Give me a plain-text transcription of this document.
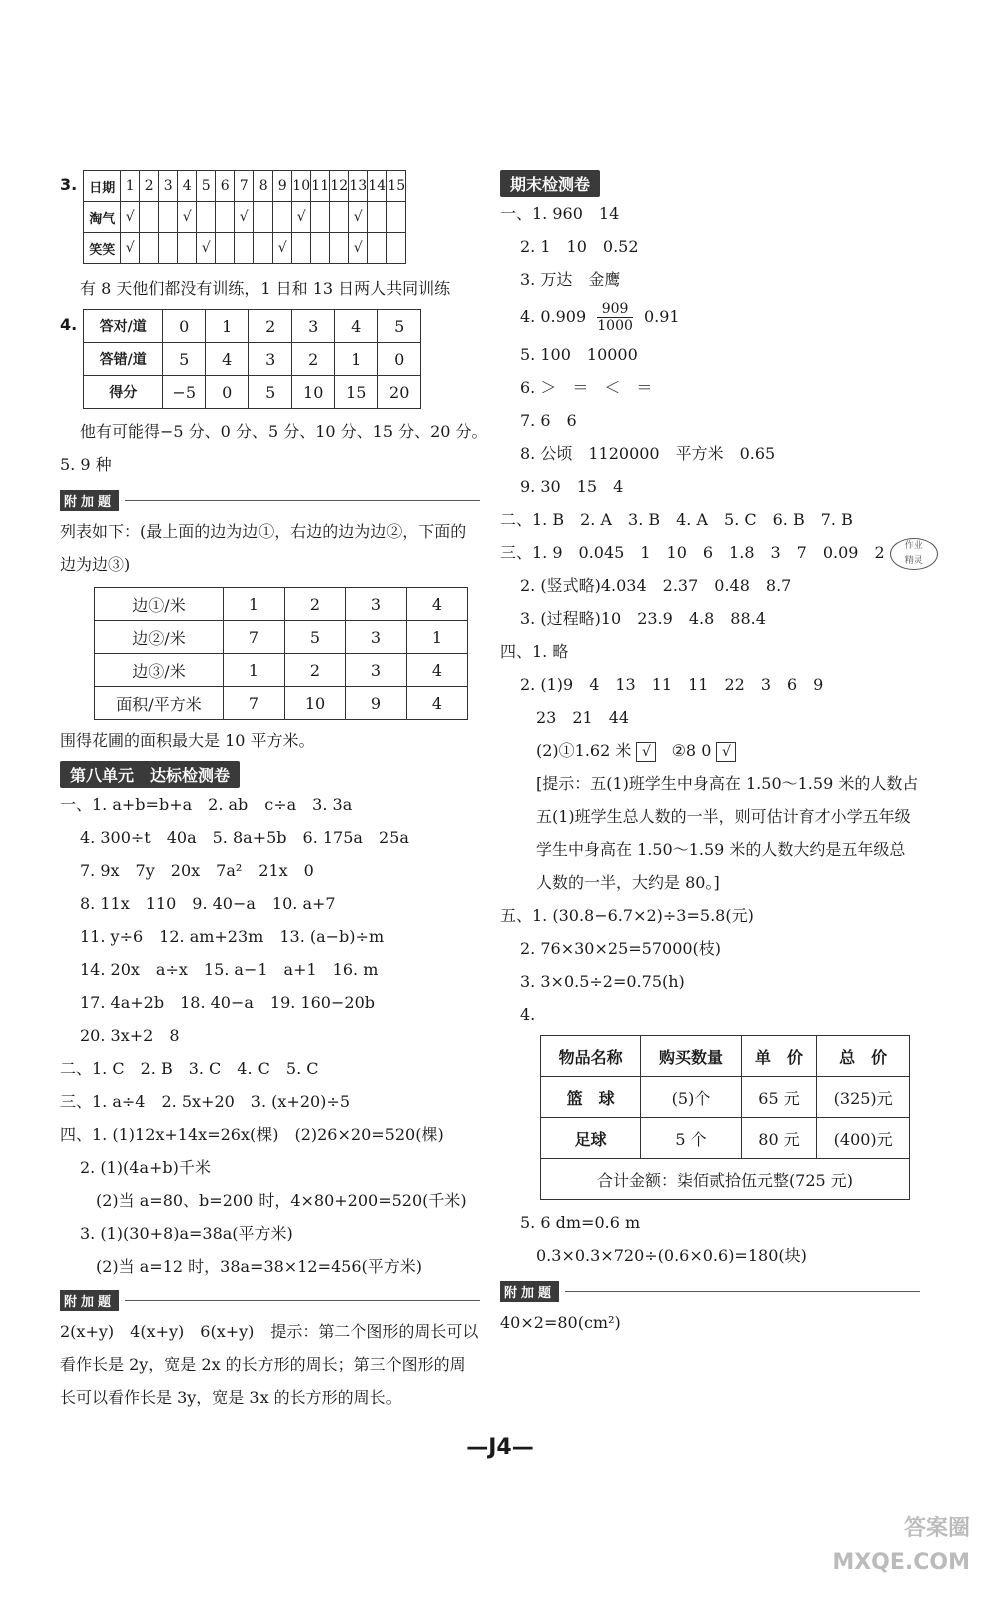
3. 日期	1	2	3	4	5	6	7	8	9	10	11	12	13	14	15
淘气	√			√			√			√			√		
笑笑	√				√				√				√		
有 8 天他们都没有训练，1 日和 13 日两人共同训练
4. 答对/道	0	1	2	3	4	5
答错/道	5	4	3	2	1	0
得分	−5	0	5	10	15	20
他有可能得−5 分、0 分、5 分、10 分、15 分、20 分。
5. 9 种
附加题
列表如下：(最上面的边为边①，右边的边为边②，下面的边为边③)
边①/米	1	2	3	4
边②/米	7	5	3	1
边③/米	1	2	3	4
面积/平方米	7	10	9	4
围得花圃的面积最大是 10 平方米。
第八单元　达标检测卷
一、1. a+b=b+a　2. ab　c÷a　3. 3a
4. 300÷t　40a　5. 8a+5b　6. 175a　25a
7. 9x　7y　20x　7a²　21x　0
8. 11x　110　9. 40−a　10. a+7
11. y÷6　12. am+23m　13. (a−b)÷m
14. 20x　a÷x　15. a−1　a+1　16. m
17. 4a+2b　18. 40−a　19. 160−20b
20. 3x+2　8
二、1. C　2. B　3. C　4. C　5. C
三、1. a÷4　2. 5x+20　3. (x+20)÷5
四、1. (1)12x+14x=26x(棵)　(2)26×20=520(棵)
2. (1)(4a+b)千米
(2)当 a=80、b=200 时，4×80+200=520(千米)
3. (1)(30+8)a=38a(平方米)
(2)当 a=12 时，38a=38×12=456(平方米)
附加题
2(x+y)　4(x+y)　6(x+y)　提示：第二个图形的周长可以看作长是 2y，宽是 2x 的长方形的周长；第三个图形的周长可以看作长是 3y，宽是 3x 的长方形的周长。
期末检测卷
一、1. 960　14
2. 1　10　0.52
3. 万达　金鹰
4. $0.909 \frac{909}{1000} 0.91$
5. 100　10000
6. ＞　＝　＜　＝
7. 6　6
8. 公顷　1120000　平方米　0.65
9. 30　15　4
二、1. B　2. A　3. B　4. A　5. C　6. B　7. B
三、1. 9　0.045　1　10　6　1.8　3　7　0.09　2 作业
精灵
2. (竖式略)4.034　2.37　0.48　8.7
3. (过程略)10　23.9　4.8　88.4
四、1. 略
2. (1)9　4　13　11　11　22　3　6　9
23　21　44
(2)①1.62 米 √ ②8 0 √
[提示：五(1)班学生中身高在 1.50～1.59 米的人数占五(1)班学生总人数的一半，则可估计育才小学五年级学生中身高在 1.50～1.59 米的人数大约是五年级总人数的一半，大约是 80。]
五、1. (30.8−6.7×2)÷3=5.8(元)
2. 76×30×25=57000(枝)
3. 3×0.5÷2=0.75(h)
4.
物品名称	购买数量	单　价	总　价
篮　球	(5)个	65 元	(325)元
足球	5 个	80 元	(400)元
合计金额：柒佰贰拾伍元整(725 元)			
5. 6 dm=0.6 m
0.3×0.3×720÷(0.6×0.6)=180(块)
附加题
40×2=80(cm²)
—J4—
答案圈
MXQE.COM
